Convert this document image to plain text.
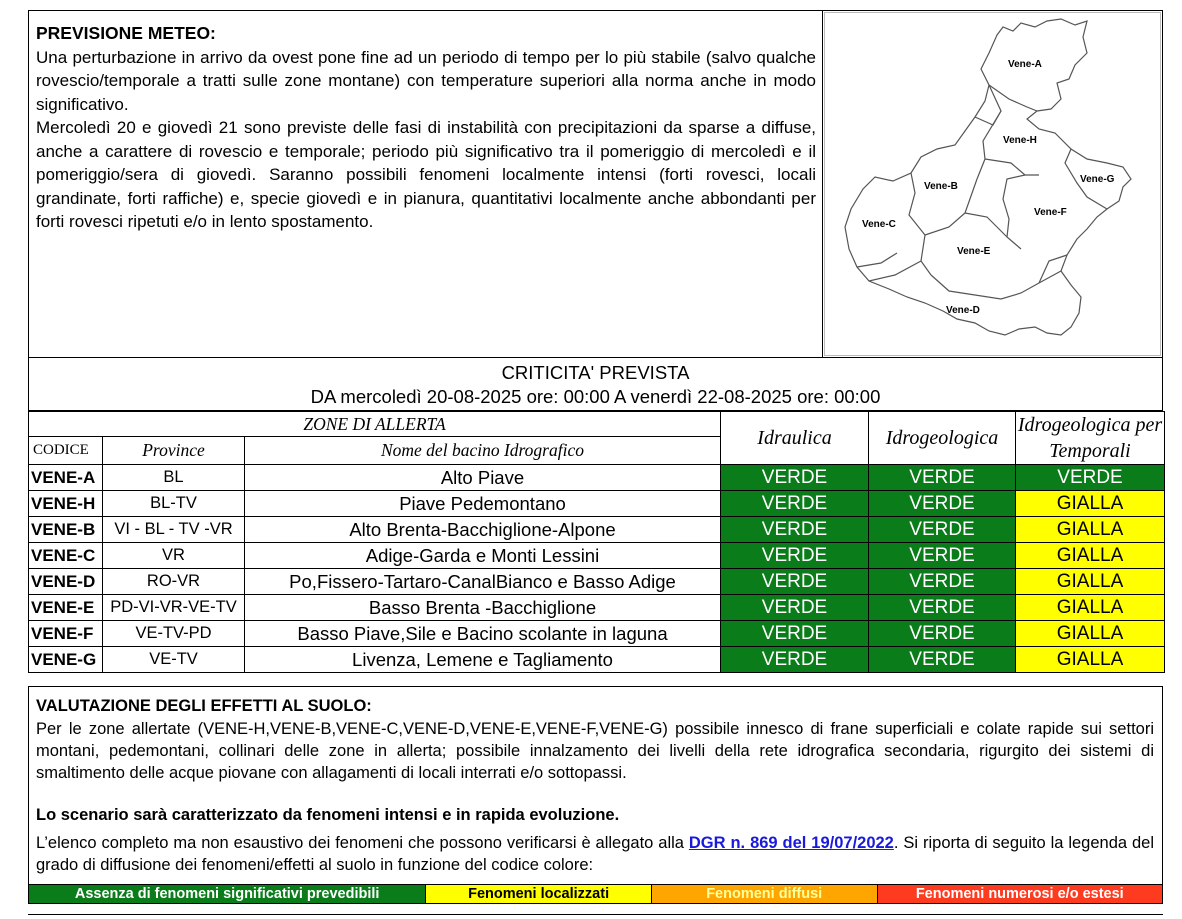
PREVISIONE METEO:
Una perturbazione in arrivo da ovest pone fine ad un periodo di tempo per lo più stabile (salvo qualche rovescio/temporale a tratti sulle zone montane) con temperature superiori alla norma anche in modo significativo.
Mercoledì 20 e giovedì 21 sono previste delle fasi di instabilità con precipitazioni da sparse a diffuse, anche a carattere di rovescio e temporale; periodo più significativo tra il pomeriggio di mercoledì e il pomeriggio/sera di giovedì. Saranno possibili fenomeni localmente intensi (forti rovesci, locali grandinate, forti raffiche) e, specie giovedì e in pianura, quantitativi localmente anche abbondanti per forti rovesci ripetuti e/o in lento spostamento.
Vene-A
Vene-H
Vene-G
Vene-B
Vene-F
Vene-C
Vene-E
Vene-D
CRITICITA' PREVISTA
DA mercoledì 20-08-2025 ore: 00:00 A venerdì 22-08-2025 ore: 00:00
ZONE DI ALLERTA			Idraulica	Idrogeologica	Idrogeologica per Temporali
CODICE	Province	Nome del bacino Idrografico			
VENE-A	BL	Alto Piave	VERDE	VERDE	VERDE
VENE-H	BL-TV	Piave Pedemontano	VERDE	VERDE	GIALLA
VENE-B	VI - BL - TV -VR	Alto Brenta-Bacchiglione-Alpone	VERDE	VERDE	GIALLA
VENE-C	VR	Adige-Garda e Monti Lessini	VERDE	VERDE	GIALLA
VENE-D	RO-VR	Po,Fissero-Tartaro-CanalBianco e Basso Adige	VERDE	VERDE	GIALLA
VENE-E	PD-VI-VR-VE-TV	Basso Brenta -Bacchiglione	VERDE	VERDE	GIALLA
VENE-F	VE-TV-PD	Basso Piave,Sile e Bacino scolante in laguna	VERDE	VERDE	GIALLA
VENE-G	VE-TV	Livenza, Lemene e Tagliamento	VERDE	VERDE	GIALLA
VALUTAZIONE DEGLI EFFETTI AL SUOLO:
Per le zone allertate (VENE-H,VENE-B,VENE-C,VENE-D,VENE-E,VENE-F,VENE-G) possibile innesco di frane superficiali e colate rapide sui settori montani, pedemontani, collinari delle zone in allerta; possibile innalzamento dei livelli della rete idrografica secondaria, rigurgito dei sistemi di smaltimento delle acque piovane con allagamenti di locali interrati e/o sottopassi.
Lo scenario sarà caratterizzato da fenomeni intensi e in rapida evoluzione.
L’elenco completo ma non esaustivo dei fenomeni che possono verificarsi è allegato alla DGR n. 869 del 19/07/2022. Si riporta di seguito la legenda del grado di diffusione dei fenomeni/effetti al suolo in funzione del codice colore:
Assenza di fenomeni significativi prevedibili	Fenomeni localizzati	Fenomeni diffusi	Fenomeni numerosi e/o estesi
